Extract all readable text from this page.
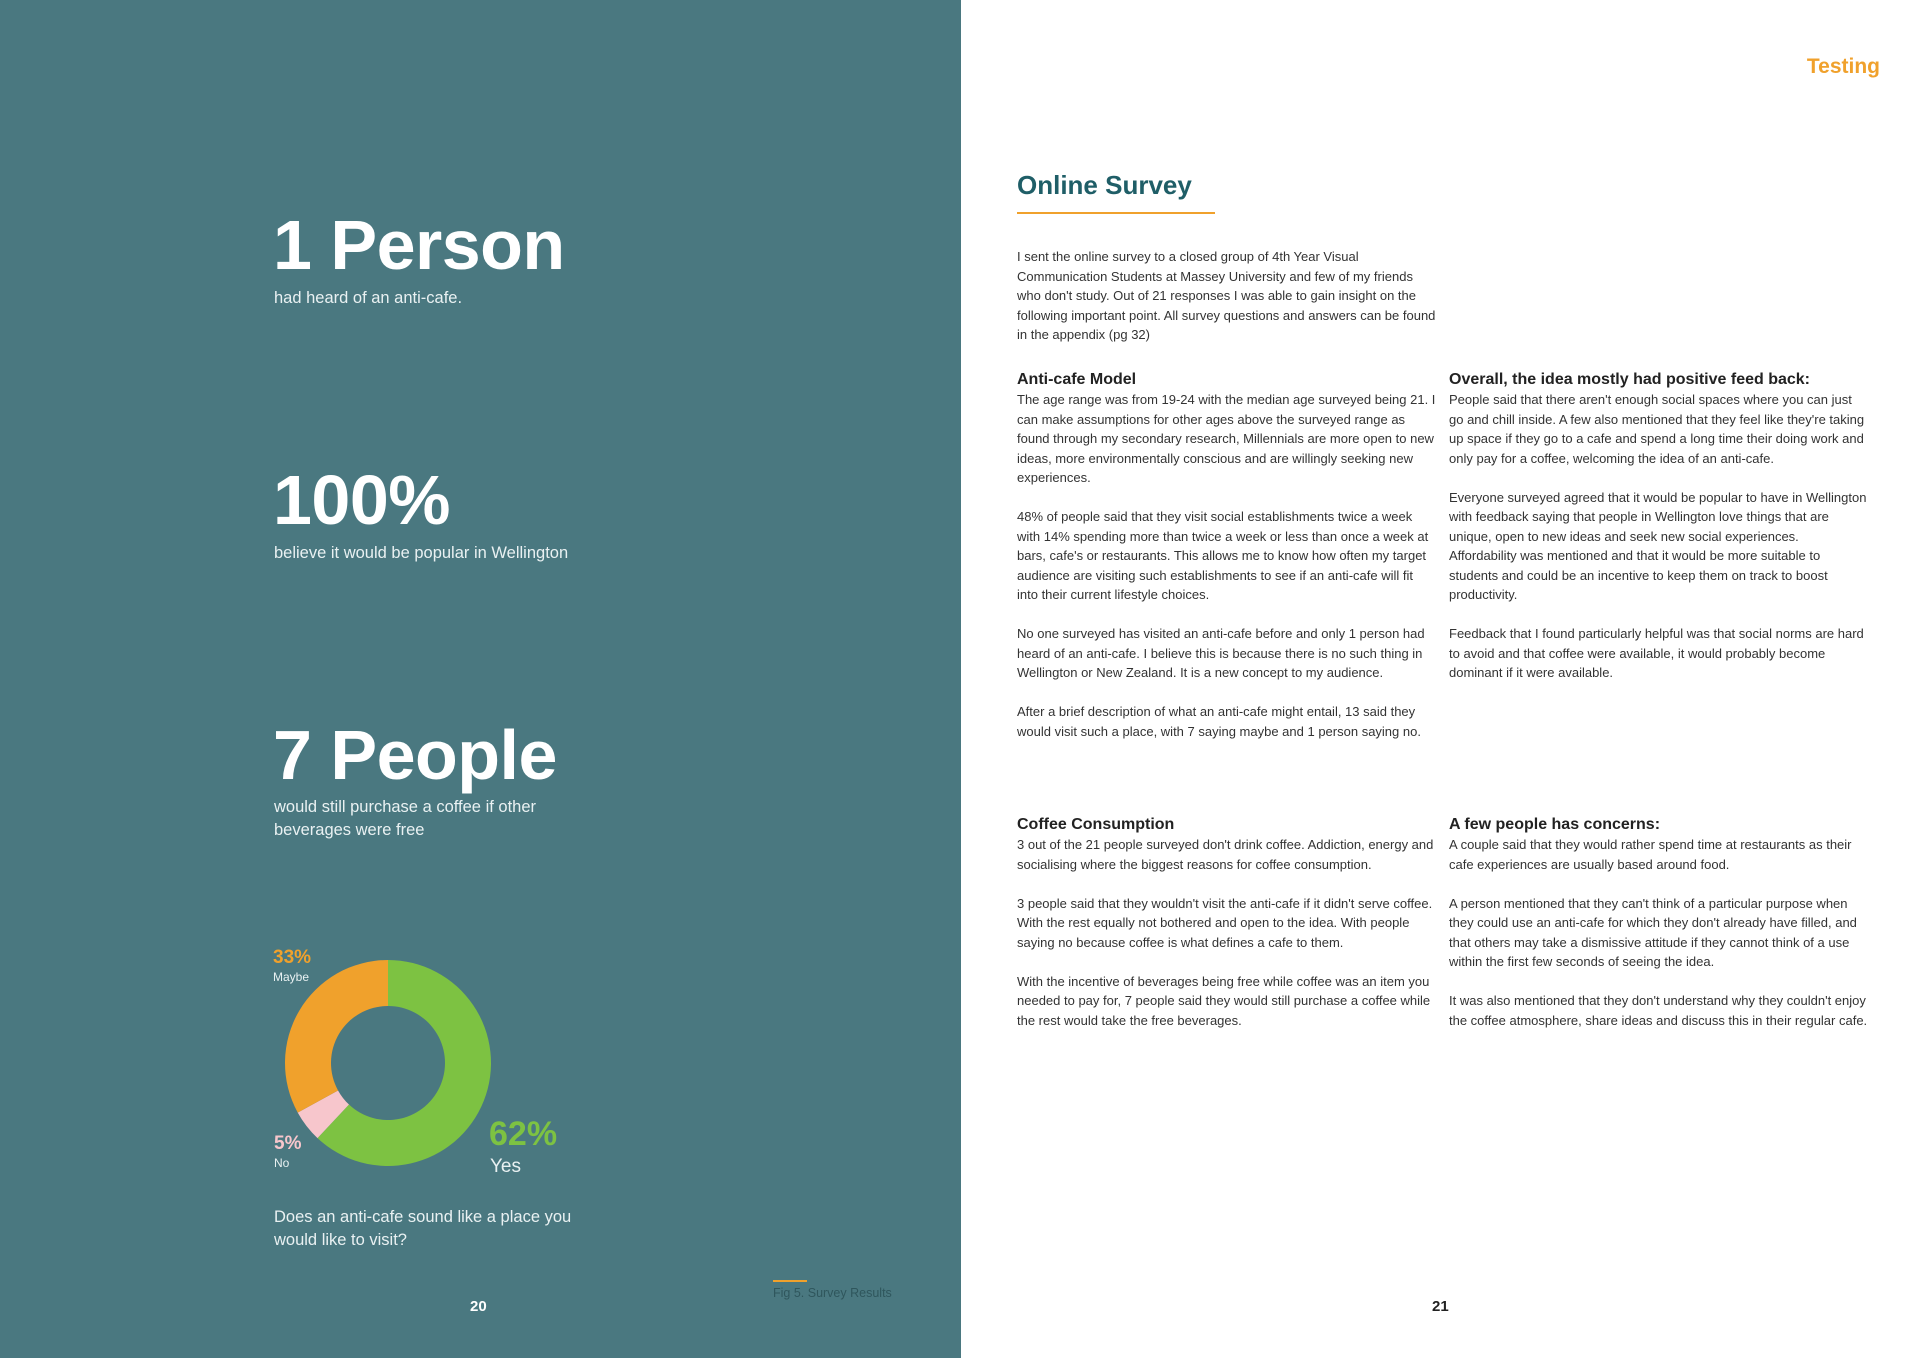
1 Person
had heard of an anti-cafe.
100%
believe it would be popular in Wellington
7 People
would still purchase a coffee if other beverages were free
33%
Maybe
5%
No
62%
Yes
Does an anti-cafe sound like a place you would like to visit?
Fig 5. Survey Results
20
Testing
Online Survey
I sent the online survey to a closed group of 4th Year Visual Communication Students at Massey University and few of my friends who don't study. Out of 21 responses I was able to gain insight on the following important point. All survey questions and answers can be found in the appendix (pg 32)
Anti-cafe Model

The age range was from 19-24 with the median age surveyed being 21. I can make assumptions for other ages above the surveyed range as found through my secondary research, Millennials are more open to new ideas, more environmentally conscious and are willingly seeking new experiences.

48% of people said that they visit social establishments twice a week with 14% spending more than twice a week or less than once a week at bars, cafe's or restaurants. This allows me to know how often my target audience are visiting such establishments to see if an anti-cafe will fit into their current lifestyle choices.

No one surveyed has visited an anti-cafe before and only 1 person had heard of an anti-cafe. I believe this is because there is no such thing in Wellington or New Zealand. It is a new concept to my audience.

After a brief description of what an anti-cafe might entail, 13 said they would visit such a place, with 7 saying maybe and 1 person saying no.

Overall, the idea mostly had positive feed back:

People said that there aren't enough social spaces where you can just go and chill inside. A few also mentioned that they feel like they're taking up space if they go to a cafe and spend a long time their doing work and only pay for a coffee, welcoming the idea of an anti-cafe.

Everyone surveyed agreed that it would be popular to have in Wellington with feedback saying that people in Wellington love things that are unique, open to new ideas and seek new social experiences. Affordability was mentioned and that it would be more suitable to students and could be an incentive to keep them on track to boost productivity.

Feedback that I found particularly helpful was that social norms are hard to avoid and that coffee were available, it would probably become dominant if it were available.

Coffee Consumption

3 out of the 21 people surveyed don't drink coffee. Addiction, energy and socialising where the biggest reasons for coffee consumption.

3 people said that they wouldn't visit the anti-cafe if it didn't serve coffee. With the rest equally not bothered and open to the idea. With people saying no because coffee is what defines a cafe to them.

With the incentive of beverages being free while coffee was an item you needed to pay for, 7 people said they would still purchase a coffee while the rest would take the free beverages.

A few people has concerns:

A couple said that they would rather spend time at restaurants as their cafe experiences are usually based around food.

A person mentioned that they can't think of a particular purpose when they could use an anti-cafe for which they don't already have filled, and that others may take a dismissive attitude if they cannot think of a use within the first few seconds of seeing the idea.

It was also mentioned that they don't understand why they couldn't enjoy the coffee atmosphere, share ideas and discuss this in their regular cafe.

21
